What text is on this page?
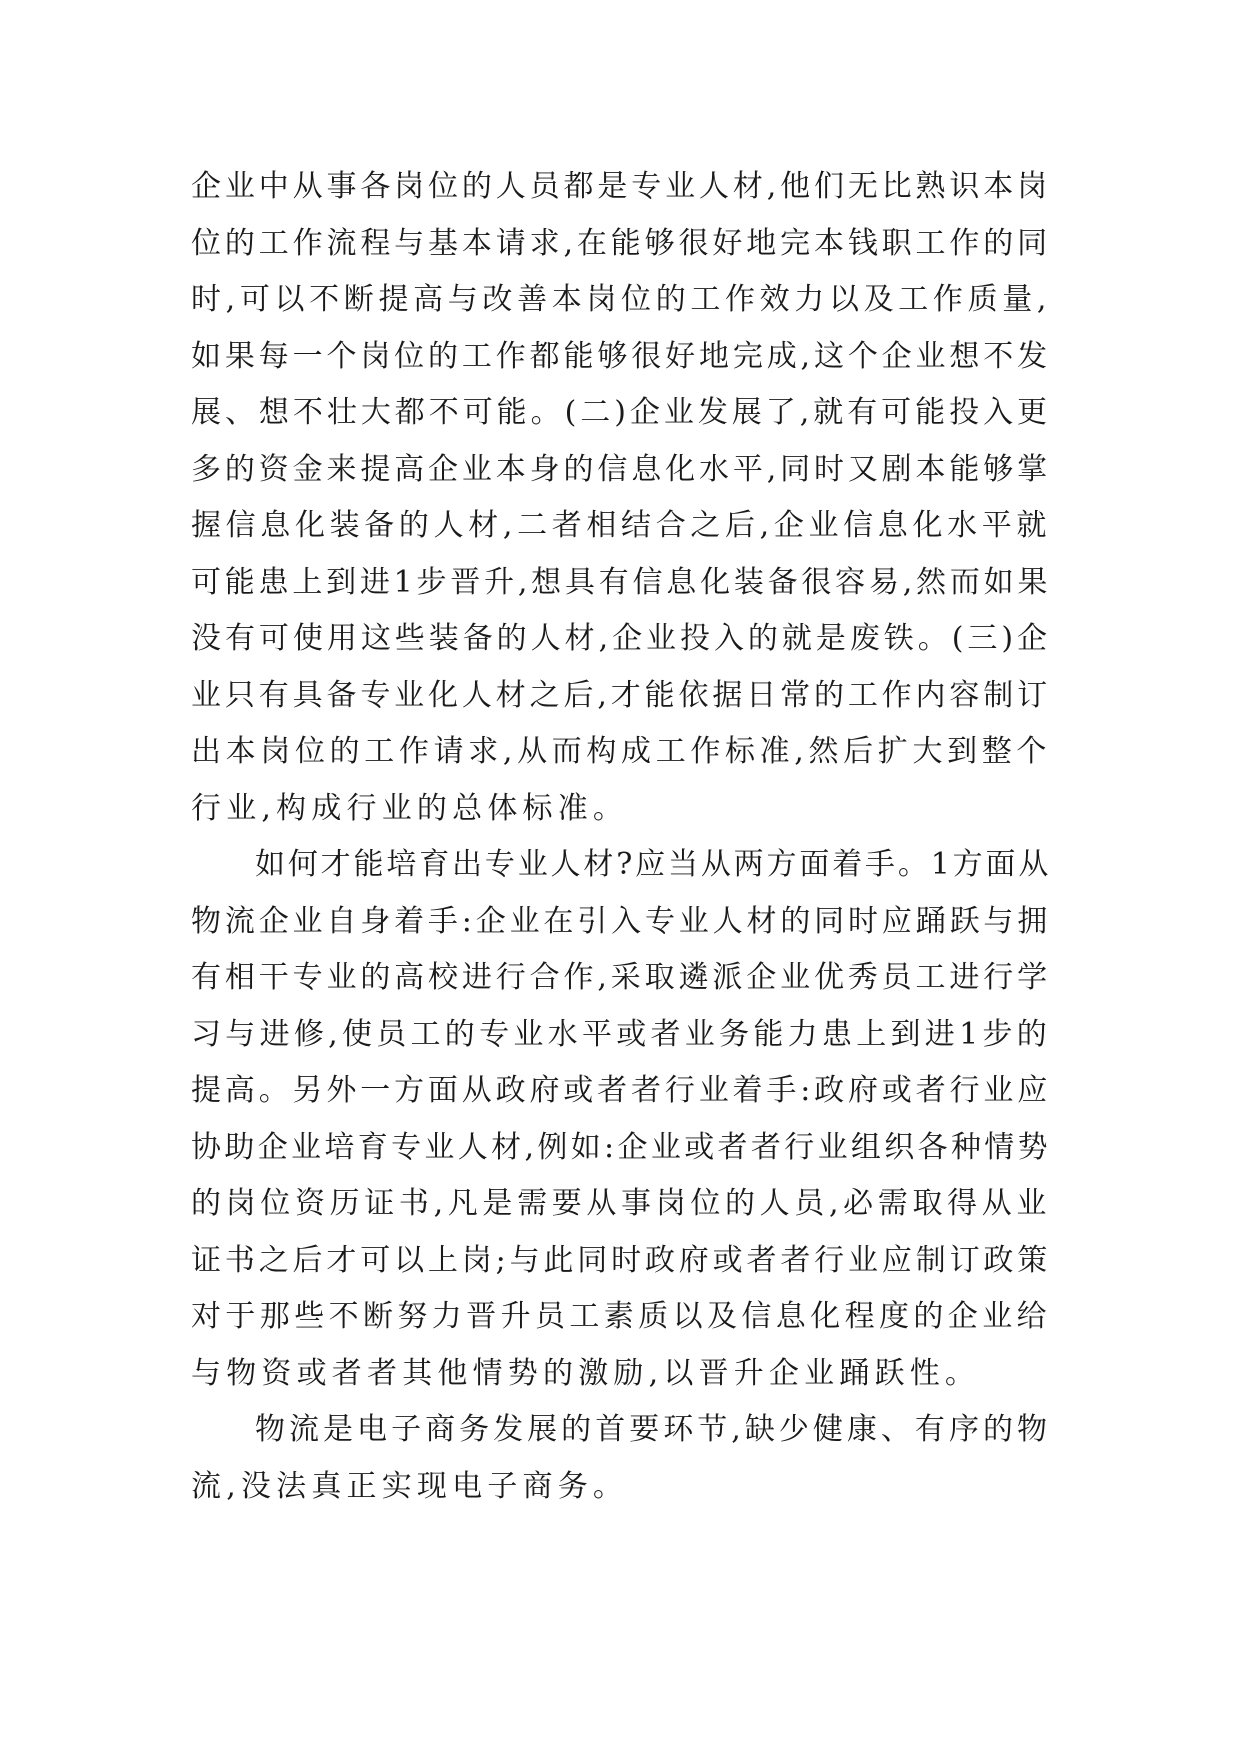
企业中从事各岗位的人员都是专业人材,他们无比熟识本岗
位的工作流程与基本请求,在能够很好地完本钱职工作的同
时,可以不断提高与改善本岗位的工作效力以及工作质量,
如果每一个岗位的工作都能够很好地完成,这个企业想不发
展、想不壮大都不可能。(二)企业发展了,就有可能投入更
多的资金来提高企业本身的信息化水平,同时又剧本能够掌
握信息化装备的人材,二者相结合之后,企业信息化水平就
可能患上到进1步晋升,想具有信息化装备很容易,然而如果
没有可使用这些装备的人材,企业投入的就是废铁。(三)企
业只有具备专业化人材之后,才能依据日常的工作内容制订
出本岗位的工作请求,从而构成工作标准,然后扩大到整个
行业,构成行业的总体标准。

如何才能培育出专业人材?应当从两方面着手。1方面从
物流企业自身着手:企业在引入专业人材的同时应踊跃与拥
有相干专业的高校进行合作,采取遴派企业优秀员工进行学
习与进修,使员工的专业水平或者业务能力患上到进1步的
提高。另外一方面从政府或者者行业着手:政府或者行业应
协助企业培育专业人材,例如:企业或者者行业组织各种情势
的岗位资历证书,凡是需要从事岗位的人员,必需取得从业
证书之后才可以上岗;与此同时政府或者者行业应制订政策
对于那些不断努力晋升员工素质以及信息化程度的企业给
与物资或者者其他情势的激励,以晋升企业踊跃性。

物流是电子商务发展的首要环节,缺少健康、有序的物
流,没法真正实现电子商务。
